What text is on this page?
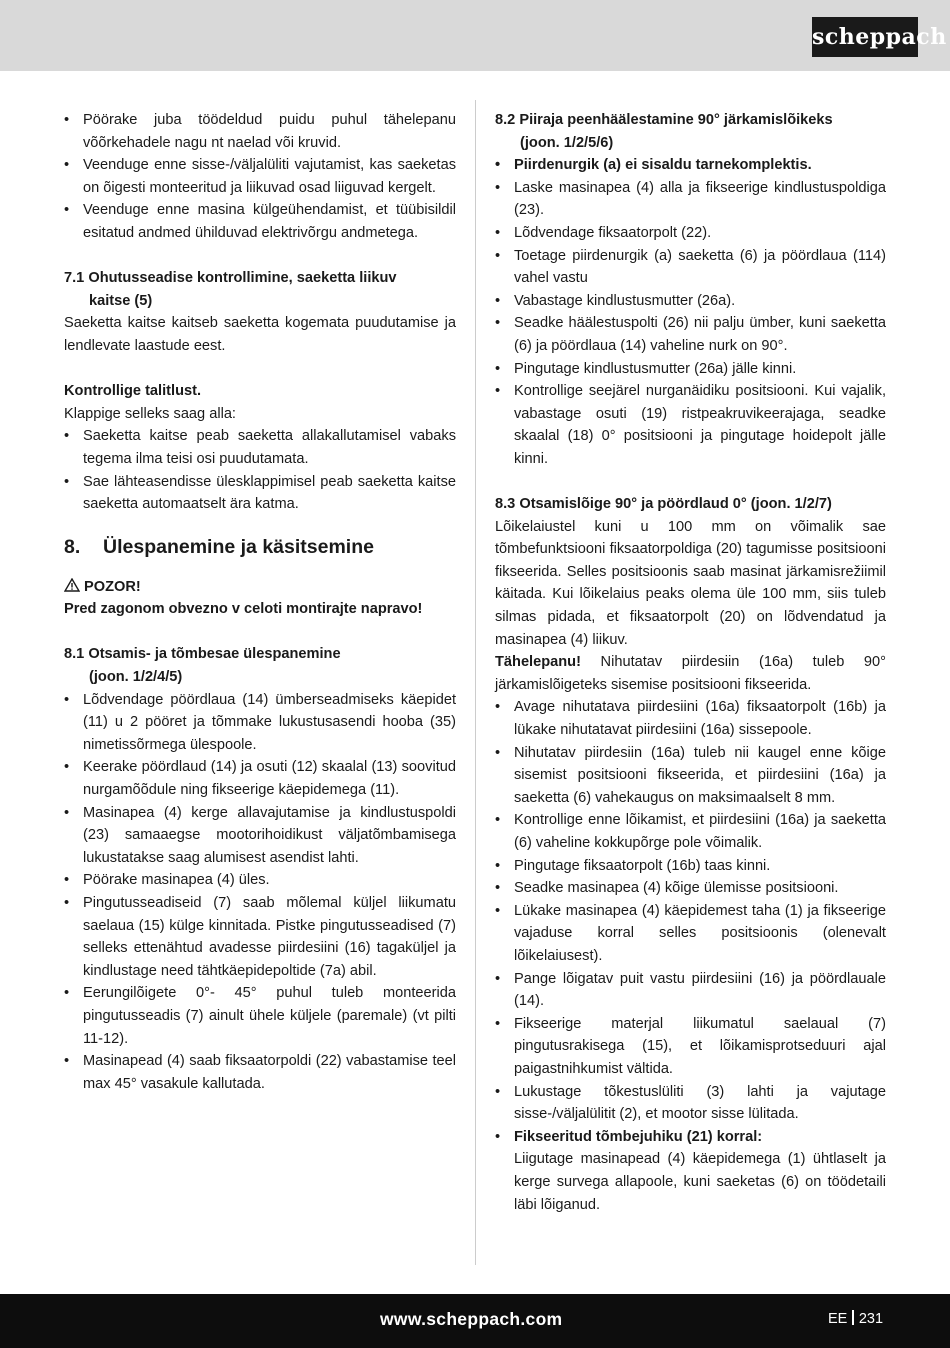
scheppach
• Pöörake juba töödeldud puidu puhul tähelepanu võõrkehadele nagu nt naelad või kruvid.
• Veenduge enne sisse-/väljalüliti vajutamist, kas saeketas on õigesti monteeritud ja liikuvad osad liiguvad kergelt.
• Veenduge enne masina külgeühendamist, et tüübisildil esitatud andmed ühilduvad elektrivõrgu andmetega.

7.1 Ohutusseadise kontrollimine, saeketta liikuv

kaitse (5)

Saeketta kaitse kaitseb saeketta kogemata puudutamise ja lendlevate laastude eest.

Kontrollige talitlust.

Klappige selleks saag alla:

• Saeketta kaitse peab saeketta allakallutamisel vabaks tegema ilma teisi osi puudutamata.
• Sae lähteasendisse ülesklappimisel peab saeketta kaitse saeketta automaatselt ära katma.

8. Ülespanemine ja käsitsemine

POZOR!

Pred zagonom obvezno v celoti montirajte napravo!

8.1 Otsamis- ja tõmbesae ülespanemine

(joon. 1/2/4/5)

• Lõdvendage pöördlaua (14) ümberseadmiseks käepidet (11) u 2 pööret ja tõmmake lukustusasendi hooba (35) nimetissõrmega ülespoole.
• Keerake pöördlaud (14) ja osuti (12) skaalal (13) soovitud nurgamõõdule ning fikseerige käepidemega (11).
• Masinapea (4) kerge allavajutamise ja kindlustuspoldi (23) samaaegse mootorihoidikust väljatõmbamisega lukustatakse saag alumisest asendist lahti.
• Pöörake masinapea (4) üles.
• Pingutusseadiseid (7) saab mõlemal küljel liikumatu saelaua (15) külge kinnitada. Pistke pingutusseadised (7) selleks ettenähtud avadesse piirdesiini (16) tagaküljel ja kindlustage need tähtkäepidepoltide (7a) abil.
• Eerungilõigete 0°- 45° puhul tuleb monteerida pingutusseadis (7) ainult ühele küljele (paremale) (vt pilti 11-12).
• Masinapead (4) saab fiksaatorpoldi (22) vabastamise teel max 45° vasakule kallutada.

8.2 Piiraja peenhäälestamine 90° järkamislõikeks

(joon. 1/2/5/6)

• Piirdenurgik (a) ei sisaldu tarnekomplektis.
• Laske masinapea (4) alla ja fikseerige kindlustuspoldiga (23).
• Lõdvendage fiksaatorpolt (22).
• Toetage piirdenurgik (a) saeketta (6) ja pöördlaua (114) vahel vastu
• Vabastage kindlustusmutter (26a).
• Seadke häälestuspolti (26) nii palju ümber, kuni saeketta (6) ja pöördlaua (14) vaheline nurk on 90°.
• Pingutage kindlustusmutter (26a) jälle kinni.
• Kontrollige seejärel nurganäidiku positsiooni. Kui vajalik, vabastage osuti (19) ristpeakruvikeerajaga, seadke skaalal (18) 0° positsiooni ja pingutage hoidepolt jälle kinni.

8.3 Otsamislõige 90° ja pöördlaud 0° (joon. 1/2/7)

Lõikelaiustel kuni u 100 mm on võimalik sae tõmbefunktsiooni fiksaatorpoldiga (20) tagumisse positsiooni fikseerida. Selles positsioonis saab masinat järkamisrežiimil käitada. Kui lõikelaius peaks olema üle 100 mm, siis tuleb silmas pidada, et fiksaatorpolt (20) on lõdvendatud ja masinapea (4) liikuv.

Tähelepanu! Nihutatav piirdesiin (16a) tuleb 90° järkamislõigeteks sisemise positsiooni fikseerida.

• Avage nihutatava piirdesiini (16a) fiksaatorpolt (16b) ja lükake nihutatavat piirdesiini (16a) sissepoole.
• Nihutatav piirdesiin (16a) tuleb nii kaugel enne kõige sisemist positsiooni fikseerida, et piirdesiini (16a) ja saeketta (6) vahekaugus on maksimaalselt 8 mm.
• Kontrollige enne lõikamist, et piirdesiini (16a) ja saeketta (6) vaheline kokkupõrge pole võimalik.
• Pingutage fiksaatorpolt (16b) taas kinni.
• Seadke masinapea (4) kõige ülemisse positsiooni.
• Lükake masinapea (4) käepidemest taha (1) ja fikseerige vajaduse korral selles positsioonis (olenevalt lõikelaiusest).
• Pange lõigatav puit vastu piirdesiini (16) ja pöördlauale (14).
• Fikseerige materjal liikumatul saelaual (7) pingutusrakisega (15), et lõikamisprotseduuri ajal paigastnihkumist vältida.
• Lukustage tõkestuslüliti (3) lahti ja vajutage sisse-/väljalülitit (2), et mootor sisse lülitada.
• Fikseeritud tõmbejuhiku (21) korral:
Liigutage masinapead (4) käepidemega (1) ühtlaselt ja kerge survega allapoole, kuni saeketas (6) on töödetaili läbi lõiganud.
www.scheppach.com	EE 231
